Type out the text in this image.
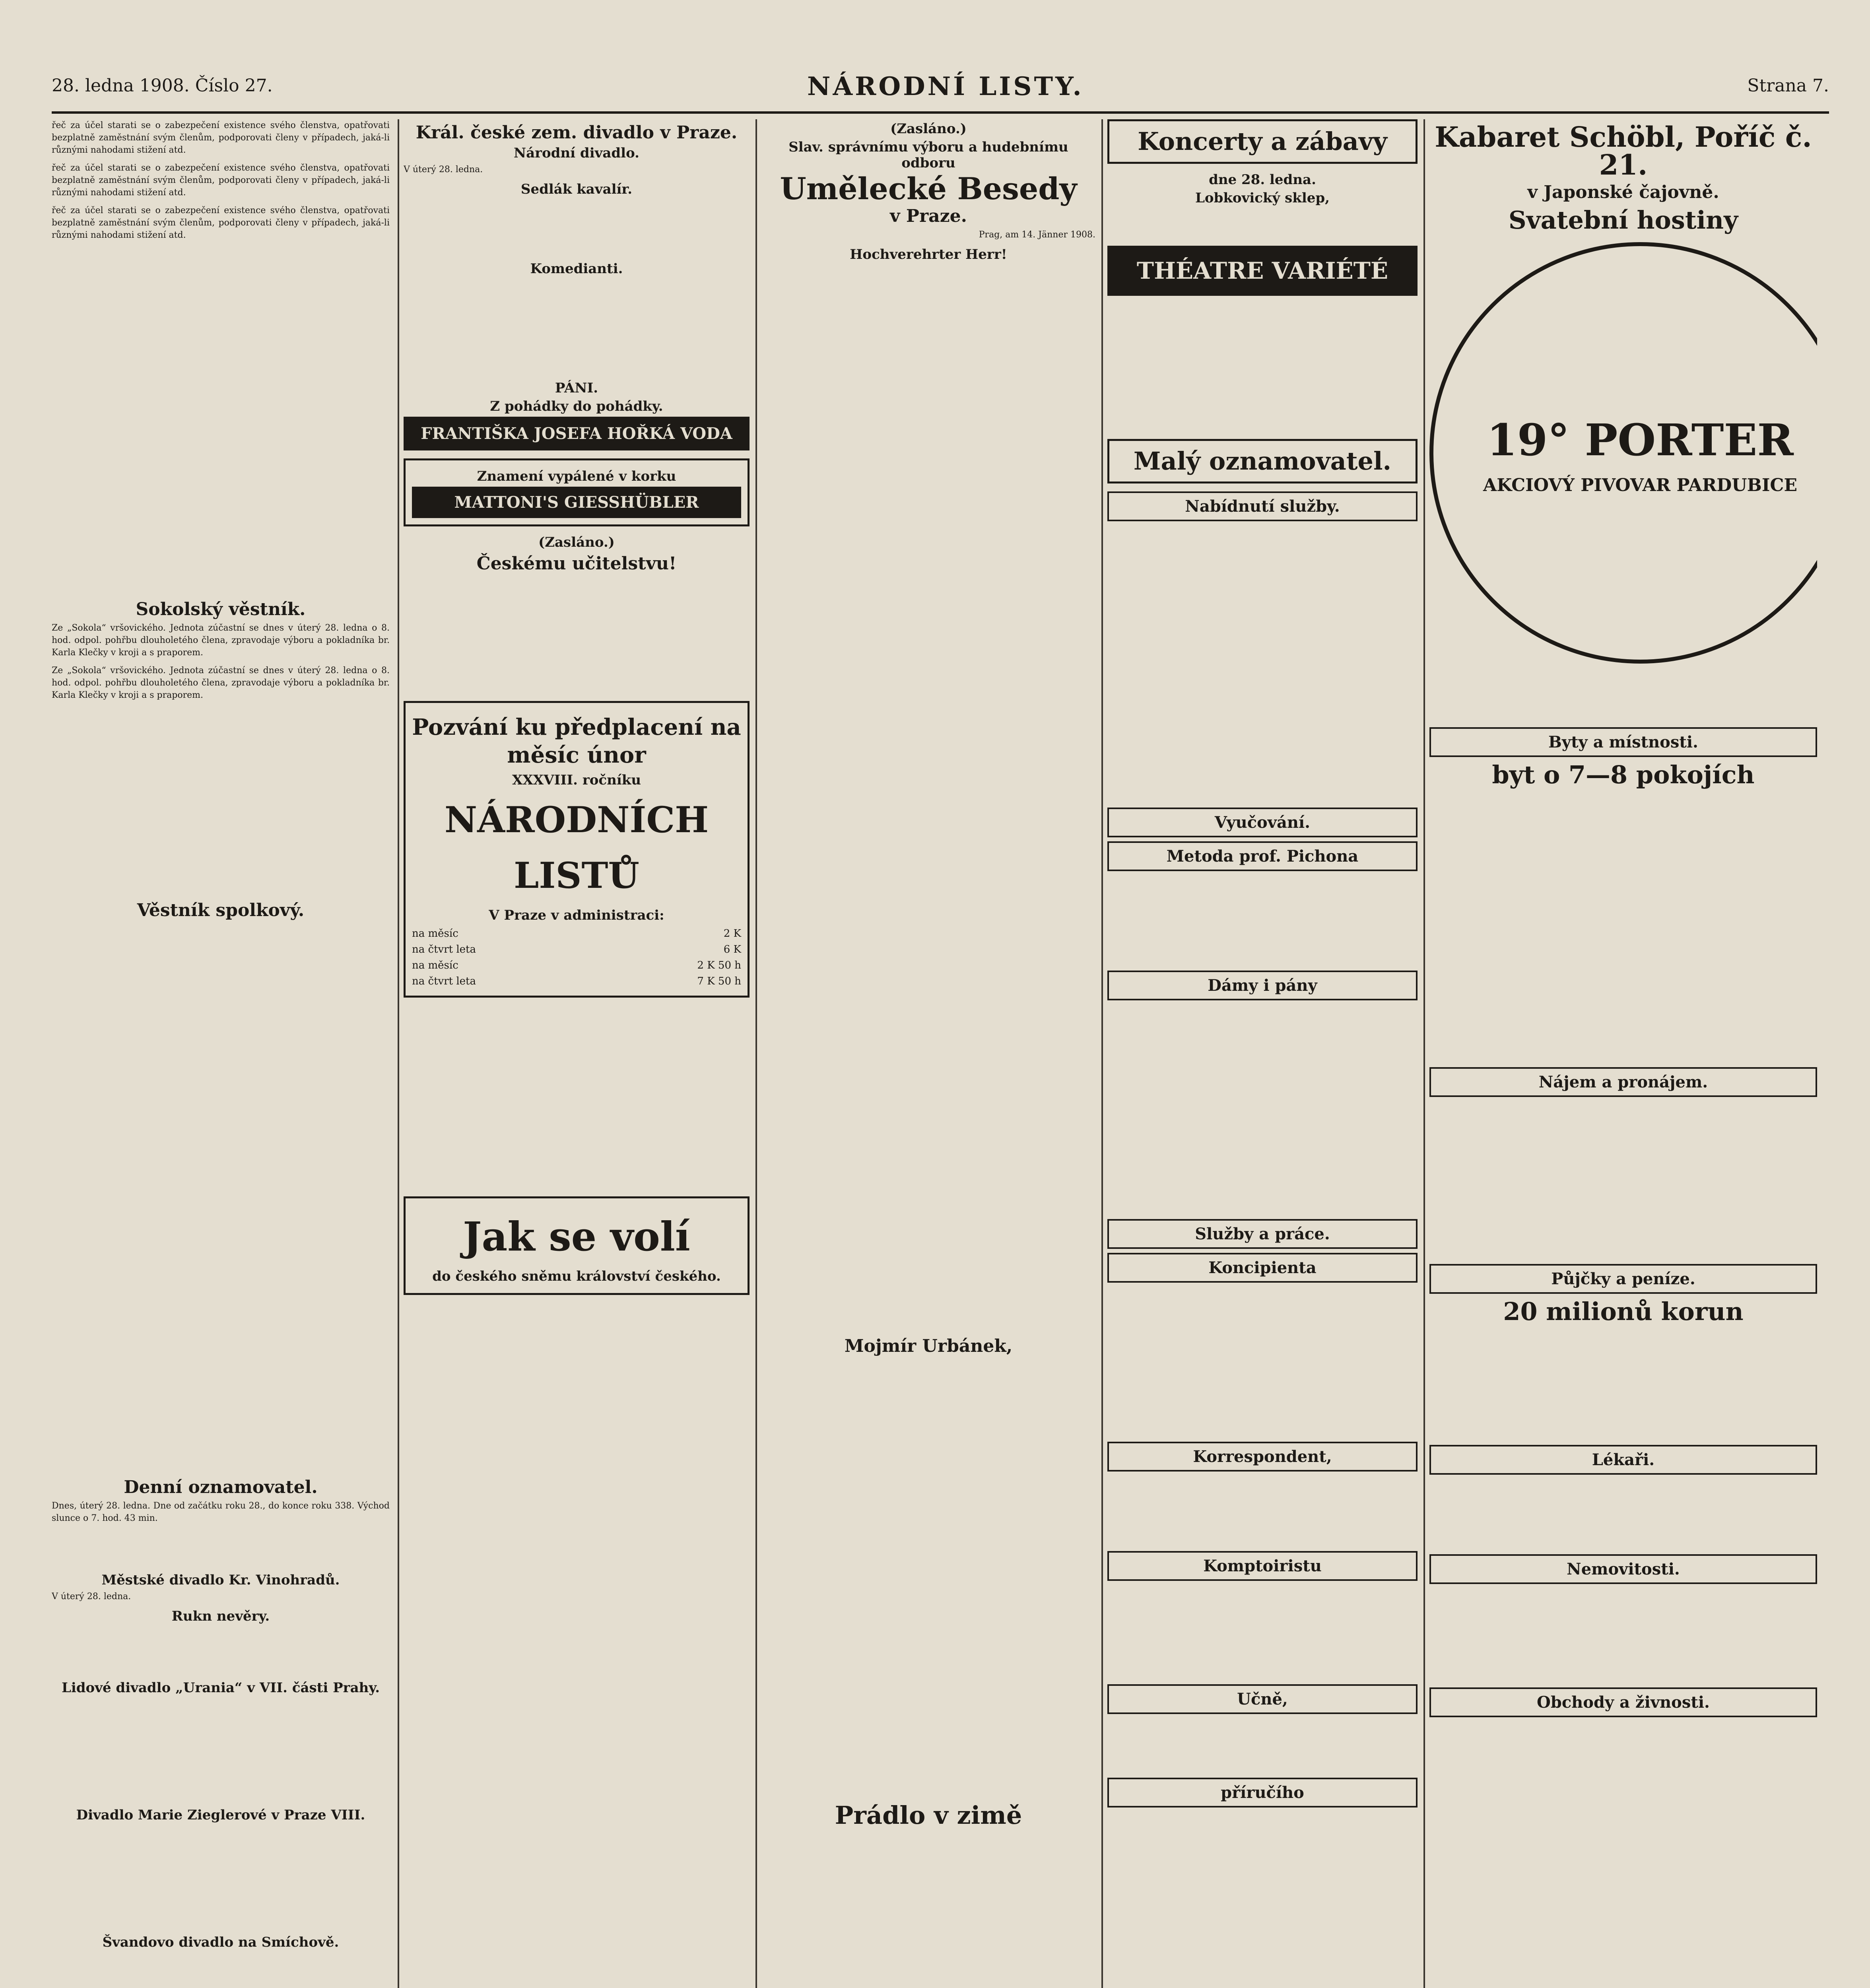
28. ledna 1908. Číslo 27.	NÁRODNÍ LISTY.	Strana 7.

řeč za účel starati se o zabezpečení existence svého členstva, opatřovati bezplatně zaměstnání svým členům, podporovati členy v případech, jaká-li různými nahodami stižení atd.

řeč za účel starati se o zabezpečení existence svého členstva, opatřovati bezplatně zaměstnání svým členům, podporovati členy v případech, jaká-li různými nahodami stižení atd.

řeč za účel starati se o zabezpečení existence svého členstva, opatřovati bezplatně zaměstnání svým členům, podporovati členy v případech, jaká-li různými nahodami stižení atd.

Sokolský věstník.

Ze „Sokola“ vršovického. Jednota zúčastní se dnes v úterý 28. ledna o 8. hod. odpol. pohřbu dlouholetého člena, zpravodaje výboru a pokladníka br. Karla Klečky v kroji a s praporem.

Ze „Sokola“ vršovického. Jednota zúčastní se dnes v úterý 28. ledna o 8. hod. odpol. pohřbu dlouholetého člena, zpravodaje výboru a pokladníka br. Karla Klečky v kroji a s praporem.

Věstník spolkový.
Denní oznamovatel.

Dnes, úterý 28. ledna. Dne od začátku roku 28., do konce roku 338. Východ slunce o 7. hod. 43 min.

Městské divadlo Kr. Vinohradů.

V úterý 28. ledna.

Rukn nevěry.
Lidové divadlo „Urania“ v VII. části Prahy.
Divadlo Marie Zieglerové v Praze VIII.
Švandovo divadlo na Smíchově.
Král. české zem. divadlo v Praze.
Národní divadlo.

V úterý 28. ledna.

Sedlák kavalír.
Komedianti.
PÁNI.
Z pohádky do pohádky.
FRANTIŠKA JOSEFA HOŘKÁ VODA
Znamení vypálené v korku
MATTONI'S GIESSHÜBLER
(Zasláno.)
Českému učitelstvu!
Pozvání ku předplacení na měsíc únor
XXXVIII. ročníku
NÁRODNÍCH LISTŮ
V Praze v administraci:
na měsíc	2 K
na čtvrt leta	6 K
na měsíc	2 K 50 h
na čtvrt leta	7 K 50 h
Jak se volí
do českého sněmu království českého.
(Zasláno.)
Slav. správnímu výboru a hudebnímu odboru
Umělecké Besedy
v Praze.

Prag, am 14. Jänner 1908.

Hochverehrter Herr!
Mojmír Urbánek,
Prádlo v zimě
Koncerty a zábavy
dne 28. ledna.
Lobkovický sklep,
THÉATRE VARIÉTÉ
Malý oznamovatel.
Nabídnutí služby.
Vyučování.
Metoda prof. Pichona
Dámy i pány
Služby a práce.
Koncipienta
Korrespondent,
Komptoiristu
Učně,
příručího
Kabaret Schöbl, Poříč č. 21.
v Japonské čajovně.
Svatební hostiny
19° PORTER
AKCIOVÝ PIVOVAR PARDUBICE
Byty a místnosti.
byt o 7—8 pokojích
Nájem a pronájem.
Půjčky a peníze.
20 milionů korun
Lékaři.
Nemovitosti.
Obchody a živnosti.
